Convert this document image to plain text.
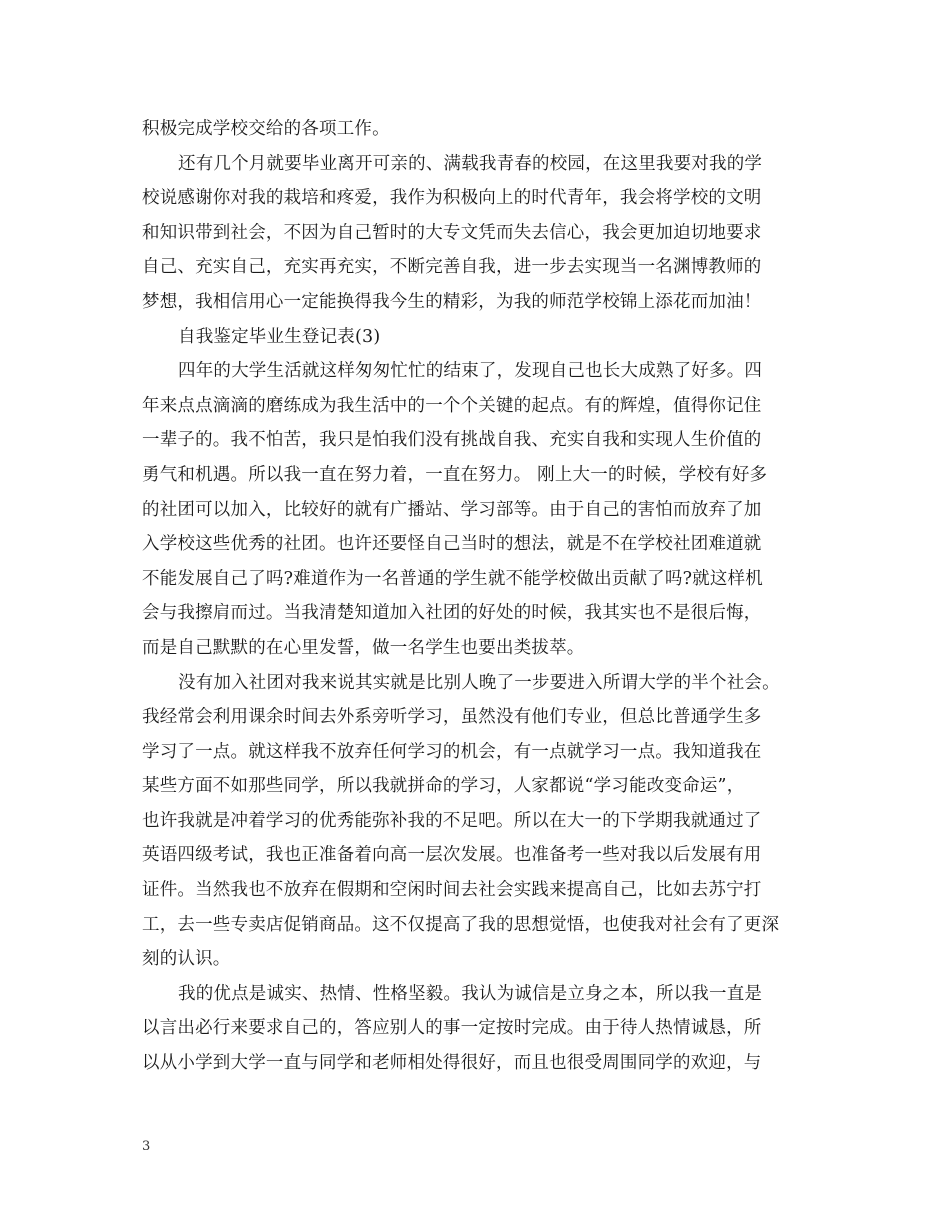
积极完成学校交给的各项工作。
还有几个月就要毕业离开可亲的、满载我青春的校园，在这里我要对我的学
校说感谢你对我的栽培和疼爱，我作为积极向上的时代青年，我会将学校的文明
和知识带到社会，不因为自己暂时的大专文凭而失去信心，我会更加迫切地要求
自己、充实自己，充实再充实，不断完善自我，进一步去实现当一名渊博教师的
梦想，我相信用心一定能换得我今生的精彩，为我的师范学校锦上添花而加油！
自我鉴定毕业生登记表(3)
四年的大学生活就这样匆匆忙忙的结束了，发现自己也长大成熟了好多。四
年来点点滴滴的磨练成为我生活中的一个个关键的起点。有的辉煌，值得你记住
一辈子的。我不怕苦，我只是怕我们没有挑战自我、充实自我和实现人生价值的
勇气和机遇。所以我一直在努力着，一直在努力。 刚上大一的时候，学校有好多
的社团可以加入，比较好的就有广播站、学习部等。由于自己的害怕而放弃了加
入学校这些优秀的社团。也许还要怪自己当时的想法，就是不在学校社团难道就
不能发展自己了吗?难道作为一名普通的学生就不能学校做出贡献了吗?就这样机
会与我擦肩而过。当我清楚知道加入社团的好处的时候，我其实也不是很后悔，
而是自己默默的在心里发誓，做一名学生也要出类拔萃。
没有加入社团对我来说其实就是比别人晚了一步要进入所谓大学的半个社会。
我经常会利用课余时间去外系旁听学习，虽然没有他们专业，但总比普通学生多
学习了一点。就这样我不放弃任何学习的机会，有一点就学习一点。我知道我在
某些方面不如那些同学，所以我就拼命的学习，人家都说“学习能改变命运”，
也许我就是冲着学习的优秀能弥补我的不足吧。所以在大一的下学期我就通过了
英语四级考试，我也正准备着向高一层次发展。也准备考一些对我以后发展有用
证件。当然我也不放弃在假期和空闲时间去社会实践来提高自己，比如去苏宁打
工，去一些专卖店促销商品。这不仅提高了我的思想觉悟，也使我对社会有了更深
刻的认识。
我的优点是诚实、热情、性格坚毅。我认为诚信是立身之本，所以我一直是
以言出必行来要求自己的，答应别人的事一定按时完成。由于待人热情诚恳，所
以从小学到大学一直与同学和老师相处得很好，而且也很受周围同学的欢迎，与
3
